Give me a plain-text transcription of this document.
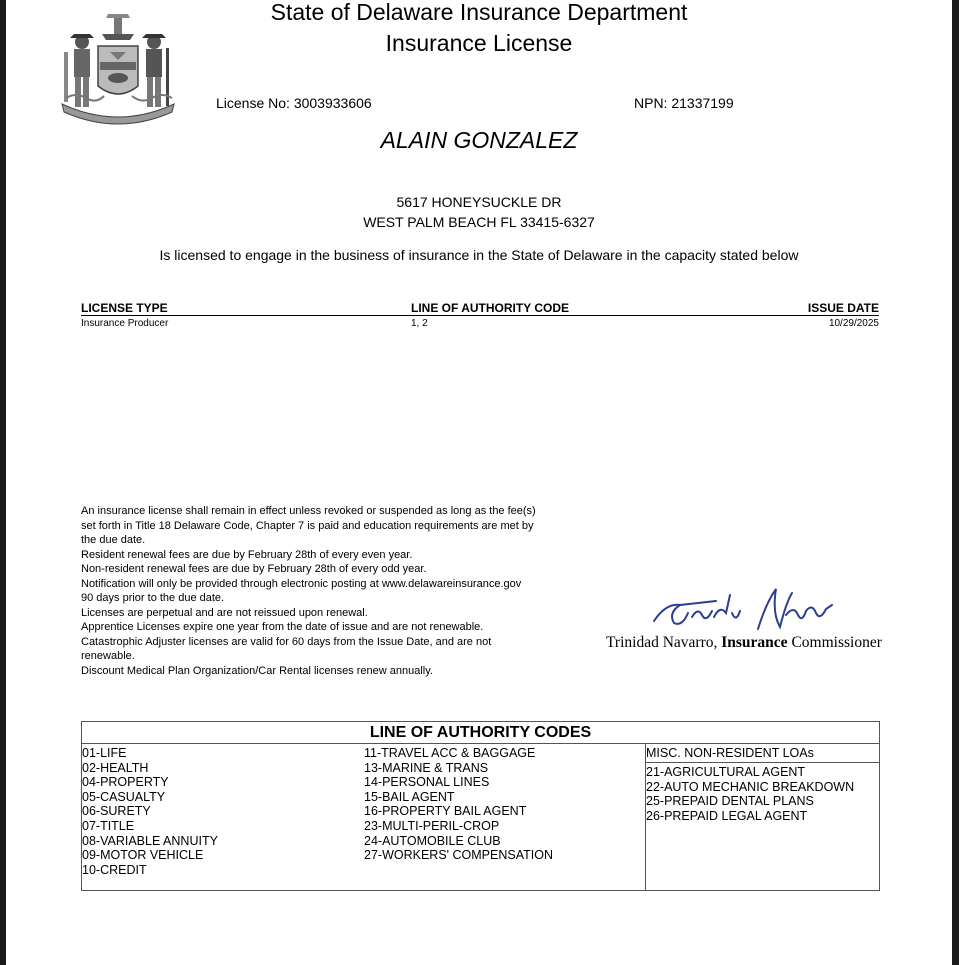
State of Delaware Insurance Department
Insurance License
License No: 3003933606	NPN: 21337199
ALAIN GONZALEZ
5617 HONEYSUCKLE DR
WEST PALM BEACH FL 33415-6327
Is licensed to engage in the business of insurance in the State of Delaware in the capacity stated below
LICENSE TYPE	LINE OF AUTHORITY CODE	ISSUE DATE
Insurance Producer	1, 2	10/29/2025
An insurance license shall remain in effect unless revoked or suspended as long as the fee(s)
set forth in Title 18 Delaware Code, Chapter 7 is paid and education requirements are met by
the due date.
Resident renewal fees are due by February 28th of every even year.
Non-resident renewal fees are due by February 28th of every odd year.
Notification will only be provided through electronic posting at www.delawareinsurance.gov
90 days prior to the due date.
Licenses are perpetual and are not reissued upon renewal.
Apprentice Licenses expire one year from the date of issue and are not renewable.
Catastrophic Adjuster licenses are valid for 60 days from the Issue Date, and are not
renewable.
Discount Medical Plan Organization/Car Rental licenses renew annually.
Trinidad Navarro, Insurance Commissioner
LINE OF AUTHORITY CODES
01-LIFE
02-HEALTH
04-PROPERTY
05-CASUALTY
06-SURETY
07-TITLE
08-VARIABLE ANNUITY
09-MOTOR VEHICLE
10-CREDIT
11-TRAVEL ACC & BAGGAGE
13-MARINE & TRANS
14-PERSONAL LINES
15-BAIL AGENT
16-PROPERTY BAIL AGENT
23-MULTI-PERIL-CROP
24-AUTOMOBILE CLUB
27-WORKERS' COMPENSATION
MISC. NON-RESIDENT LOAs
21-AGRICULTURAL AGENT
22-AUTO MECHANIC BREAKDOWN
25-PREPAID DENTAL PLANS
26-PREPAID LEGAL AGENT
